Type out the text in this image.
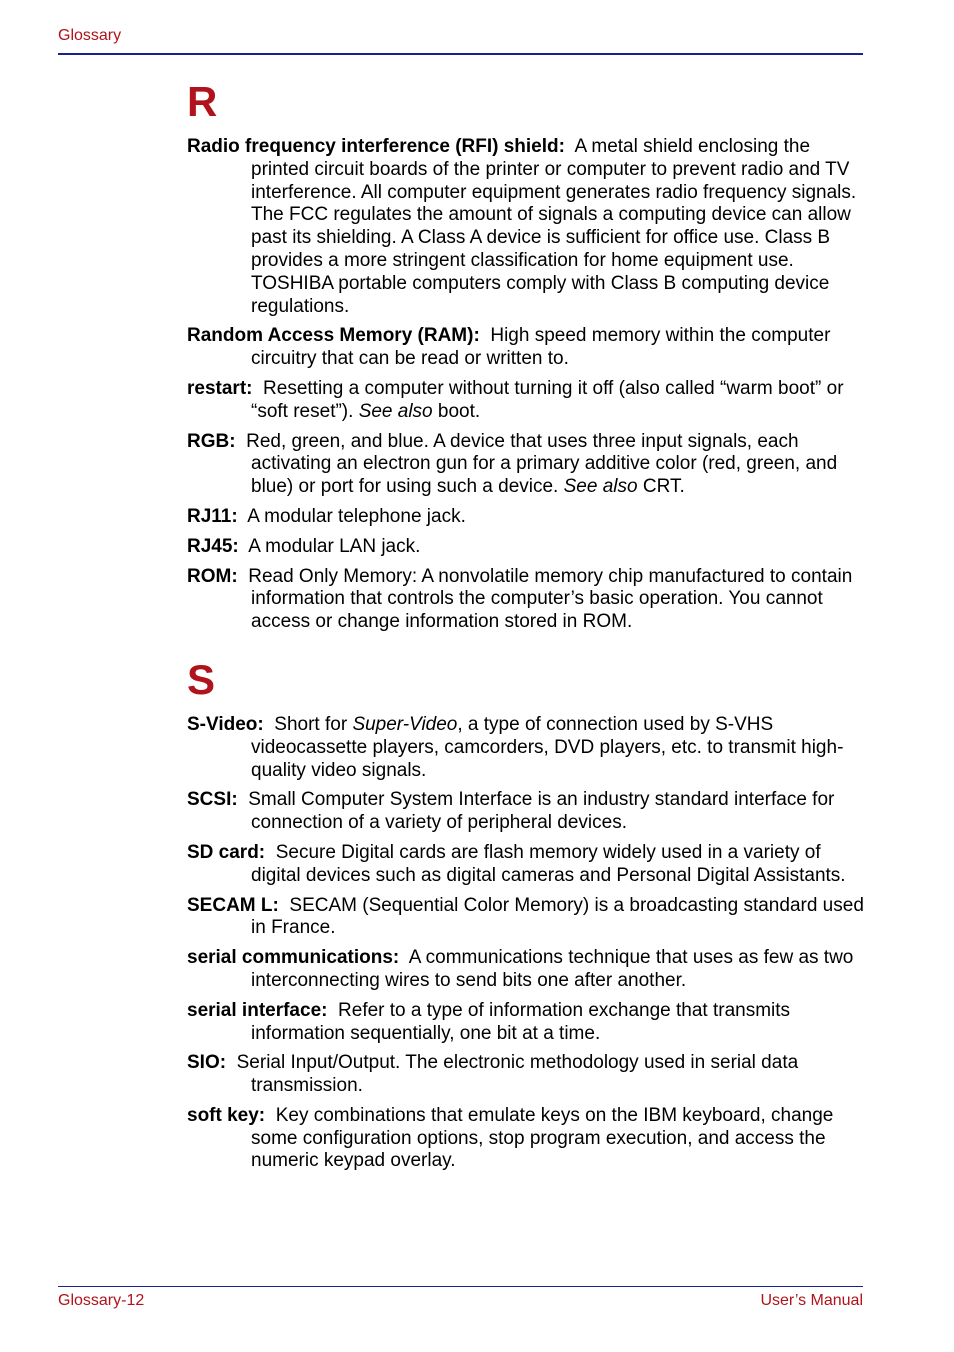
Glossary
R

Radio frequency interference (RFI) shield: A metal shield enclosing the printed circuit boards of the printer or computer to prevent radio and TV interference. All computer equipment generates radio frequency signals. The FCC regulates the amount of signals a computing device can allow past its shielding. A Class A device is sufficient for office use. Class B provides a more stringent classification for home equipment use. TOSHIBA portable computers comply with Class B computing device regulations.

Random Access Memory (RAM): High speed memory within the computer circuitry that can be read or written to.

restart: Resetting a computer without turning it off (also called “warm boot” or “soft reset”). See also boot.

RGB: Red, green, and blue. A device that uses three input signals, each activating an electron gun for a primary additive color (red, green, and blue) or port for using such a device. See also CRT.

RJ11: A modular telephone jack.

RJ45: A modular LAN jack.

ROM: Read Only Memory: A nonvolatile memory chip manufactured to contain information that controls the computer’s basic operation. You cannot access or change information stored in ROM.

S

S-Video: Short for Super-Video, a type of connection used by S-VHS videocassette players, camcorders, DVD players, etc. to transmit high-quality video signals.

SCSI: Small Computer System Interface is an industry standard interface for connection of a variety of peripheral devices.

SD card: Secure Digital cards are flash memory widely used in a variety of digital devices such as digital cameras and Personal Digital Assistants.

SECAM L: SECAM (Sequential Color Memory) is a broadcasting standard used in France.

serial communications: A communications technique that uses as few as two interconnecting wires to send bits one after another.

serial interface: Refer to a type of information exchange that transmits information sequentially, one bit at a time.

SIO: Serial Input/Output. The electronic methodology used in serial data transmission.

soft key: Key combinations that emulate keys on the IBM keyboard, change some configuration options, stop program execution, and access the numeric keypad overlay.

Glossary-12	User’s Manual
